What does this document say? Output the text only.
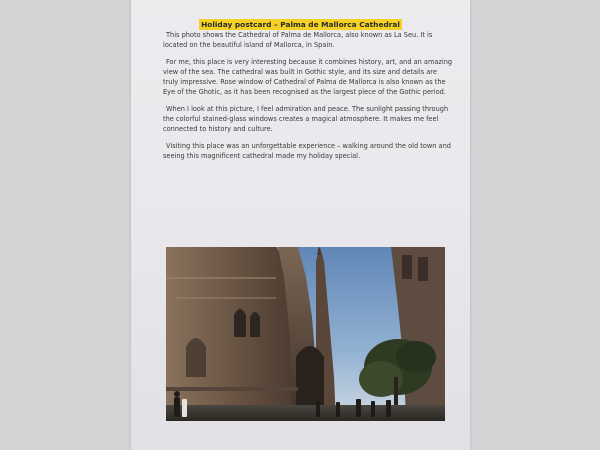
Holiday postcard – Palma de Mallorca Cathedral

This photo shows the Cathedral of Palma de Mallorca, also known as La Seu. It is located on the beautiful island of Mallorca, in Spain.

For me, this place is very interesting because it combines history, art, and an amazing view of the sea. The cathedral was built in Gothic style, and its size and details are truly impressive. Rose window of Cathedral of Palma de Mallorca is also known as the Eye of the Ghotic, as it has been recognised as the largest piece of the Gothic period.

When I look at this picture, I feel admiration and peace. The sunlight passing through the colorful stained-glass windows creates a magical atmosphere. It makes me feel connected to history and culture.

Visiting this place was an unforgettable experience – walking around the old town and seeing this magnificent cathedral made my holiday special.
